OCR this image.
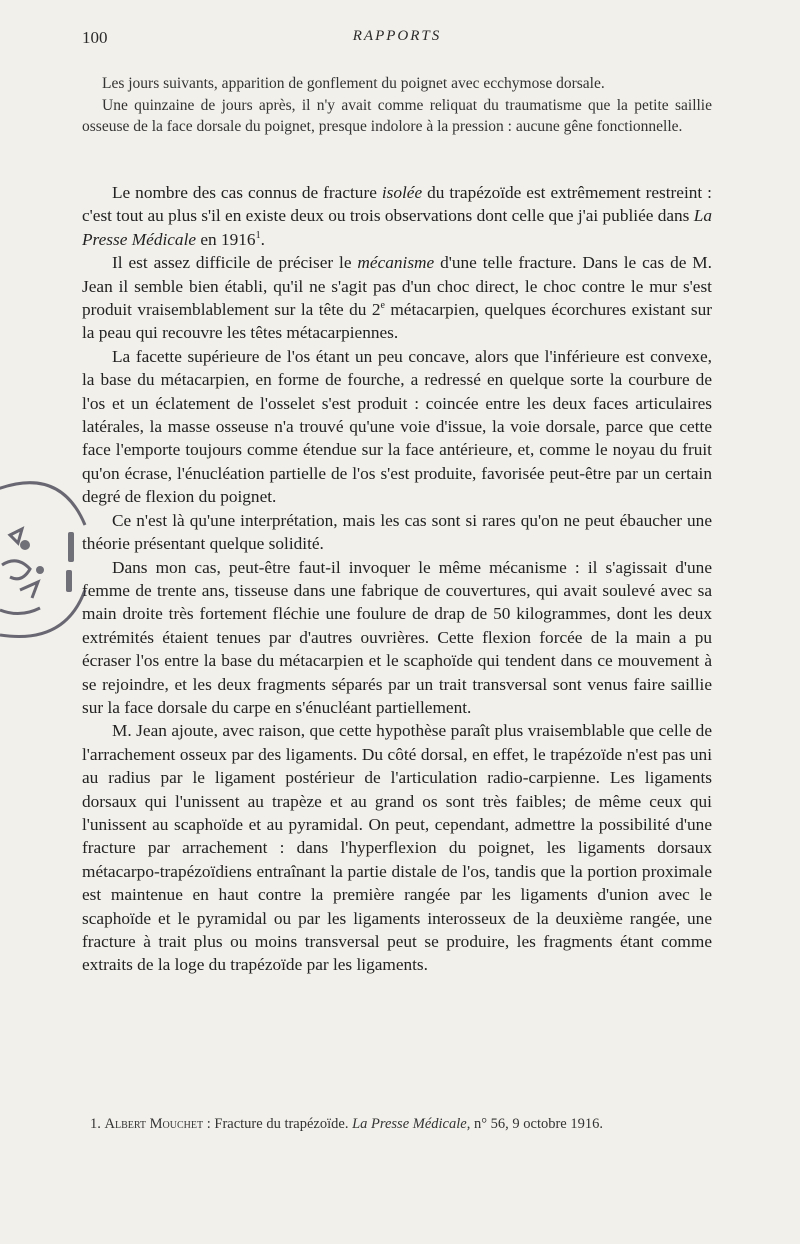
100	RAPPORTS

Les jours suivants, apparition de gonflement du poignet avec ecchymose dorsale.

Une quinzaine de jours après, il n'y avait comme reliquat du traumatisme que la petite saillie osseuse de la face dorsale du poignet, presque indolore à la pression : aucune gêne fonctionnelle.

Le nombre des cas connus de fracture isolée du trapézoïde est extrêmement restreint : c'est tout au plus s'il en existe deux ou trois observations dont celle que j'ai publiée dans La Presse Médicale en 1916$^1$.

Il est assez difficile de préciser le mécanisme d'une telle fracture. Dans le cas de M. Jean il semble bien établi, qu'il ne s'agit pas d'un choc direct, le choc contre le mur s'est produit vraisemblablement sur la tête du 2e métacarpien, quelques écorchures existant sur la peau qui recouvre les têtes métacarpiennes.

La facette supérieure de l'os étant un peu concave, alors que l'inférieure est convexe, la base du métacarpien, en forme de fourche, a redressé en quelque sorte la courbure de l'os et un éclatement de l'osselet s'est produit : coincée entre les deux faces articulaires latérales, la masse osseuse n'a trouvé qu'une voie d'issue, la voie dorsale, parce que cette face l'emporte toujours comme étendue sur la face antérieure, et, comme le noyau du fruit qu'on écrase, l'énucléation partielle de l'os s'est produite, favorisée peut-être par un certain degré de flexion du poignet.

Ce n'est là qu'une interprétation, mais les cas sont si rares qu'on ne peut ébaucher une théorie présentant quelque solidité.

Dans mon cas, peut-être faut-il invoquer le même mécanisme : il s'agissait d'une femme de trente ans, tisseuse dans une fabrique de couvertures, qui avait soulevé avec sa main droite très fortement fléchie une foulure de drap de 50 kilogrammes, dont les deux extrémités étaient tenues par d'autres ouvrières. Cette flexion forcée de la main a pu écraser l'os entre la base du métacarpien et le scaphoïde qui tendent dans ce mouvement à se rejoindre, et les deux fragments séparés par un trait transversal sont venus faire saillie sur la face dorsale du carpe en s'énucléant partiellement.

M. Jean ajoute, avec raison, que cette hypothèse paraît plus vraisemblable que celle de l'arrachement osseux par des ligaments. Du côté dorsal, en effet, le trapézoïde n'est pas uni au radius par le ligament postérieur de l'articulation radio-carpienne. Les ligaments dorsaux qui l'unissent au trapèze et au grand os sont très faibles; de même ceux qui l'unissent au scaphoïde et au pyramidal. On peut, cependant, admettre la possibilité d'une fracture par arrachement : dans l'hyperflexion du poignet, les ligaments dorsaux métacarpo-trapézoïdiens entraînant la partie distale de l'os, tandis que la portion proximale est maintenue en haut contre la première rangée par les ligaments d'union avec le scaphoïde et le pyramidal ou par les ligaments interosseux de la deuxième rangée, une fracture à trait plus ou moins transversal peut se produire, les fragments étant comme extraits de la loge du trapézoïde par les ligaments.

1. Albert Mouchet : Fracture du trapézoïde. La Presse Médicale, n° 56, 9 octobre 1916.
